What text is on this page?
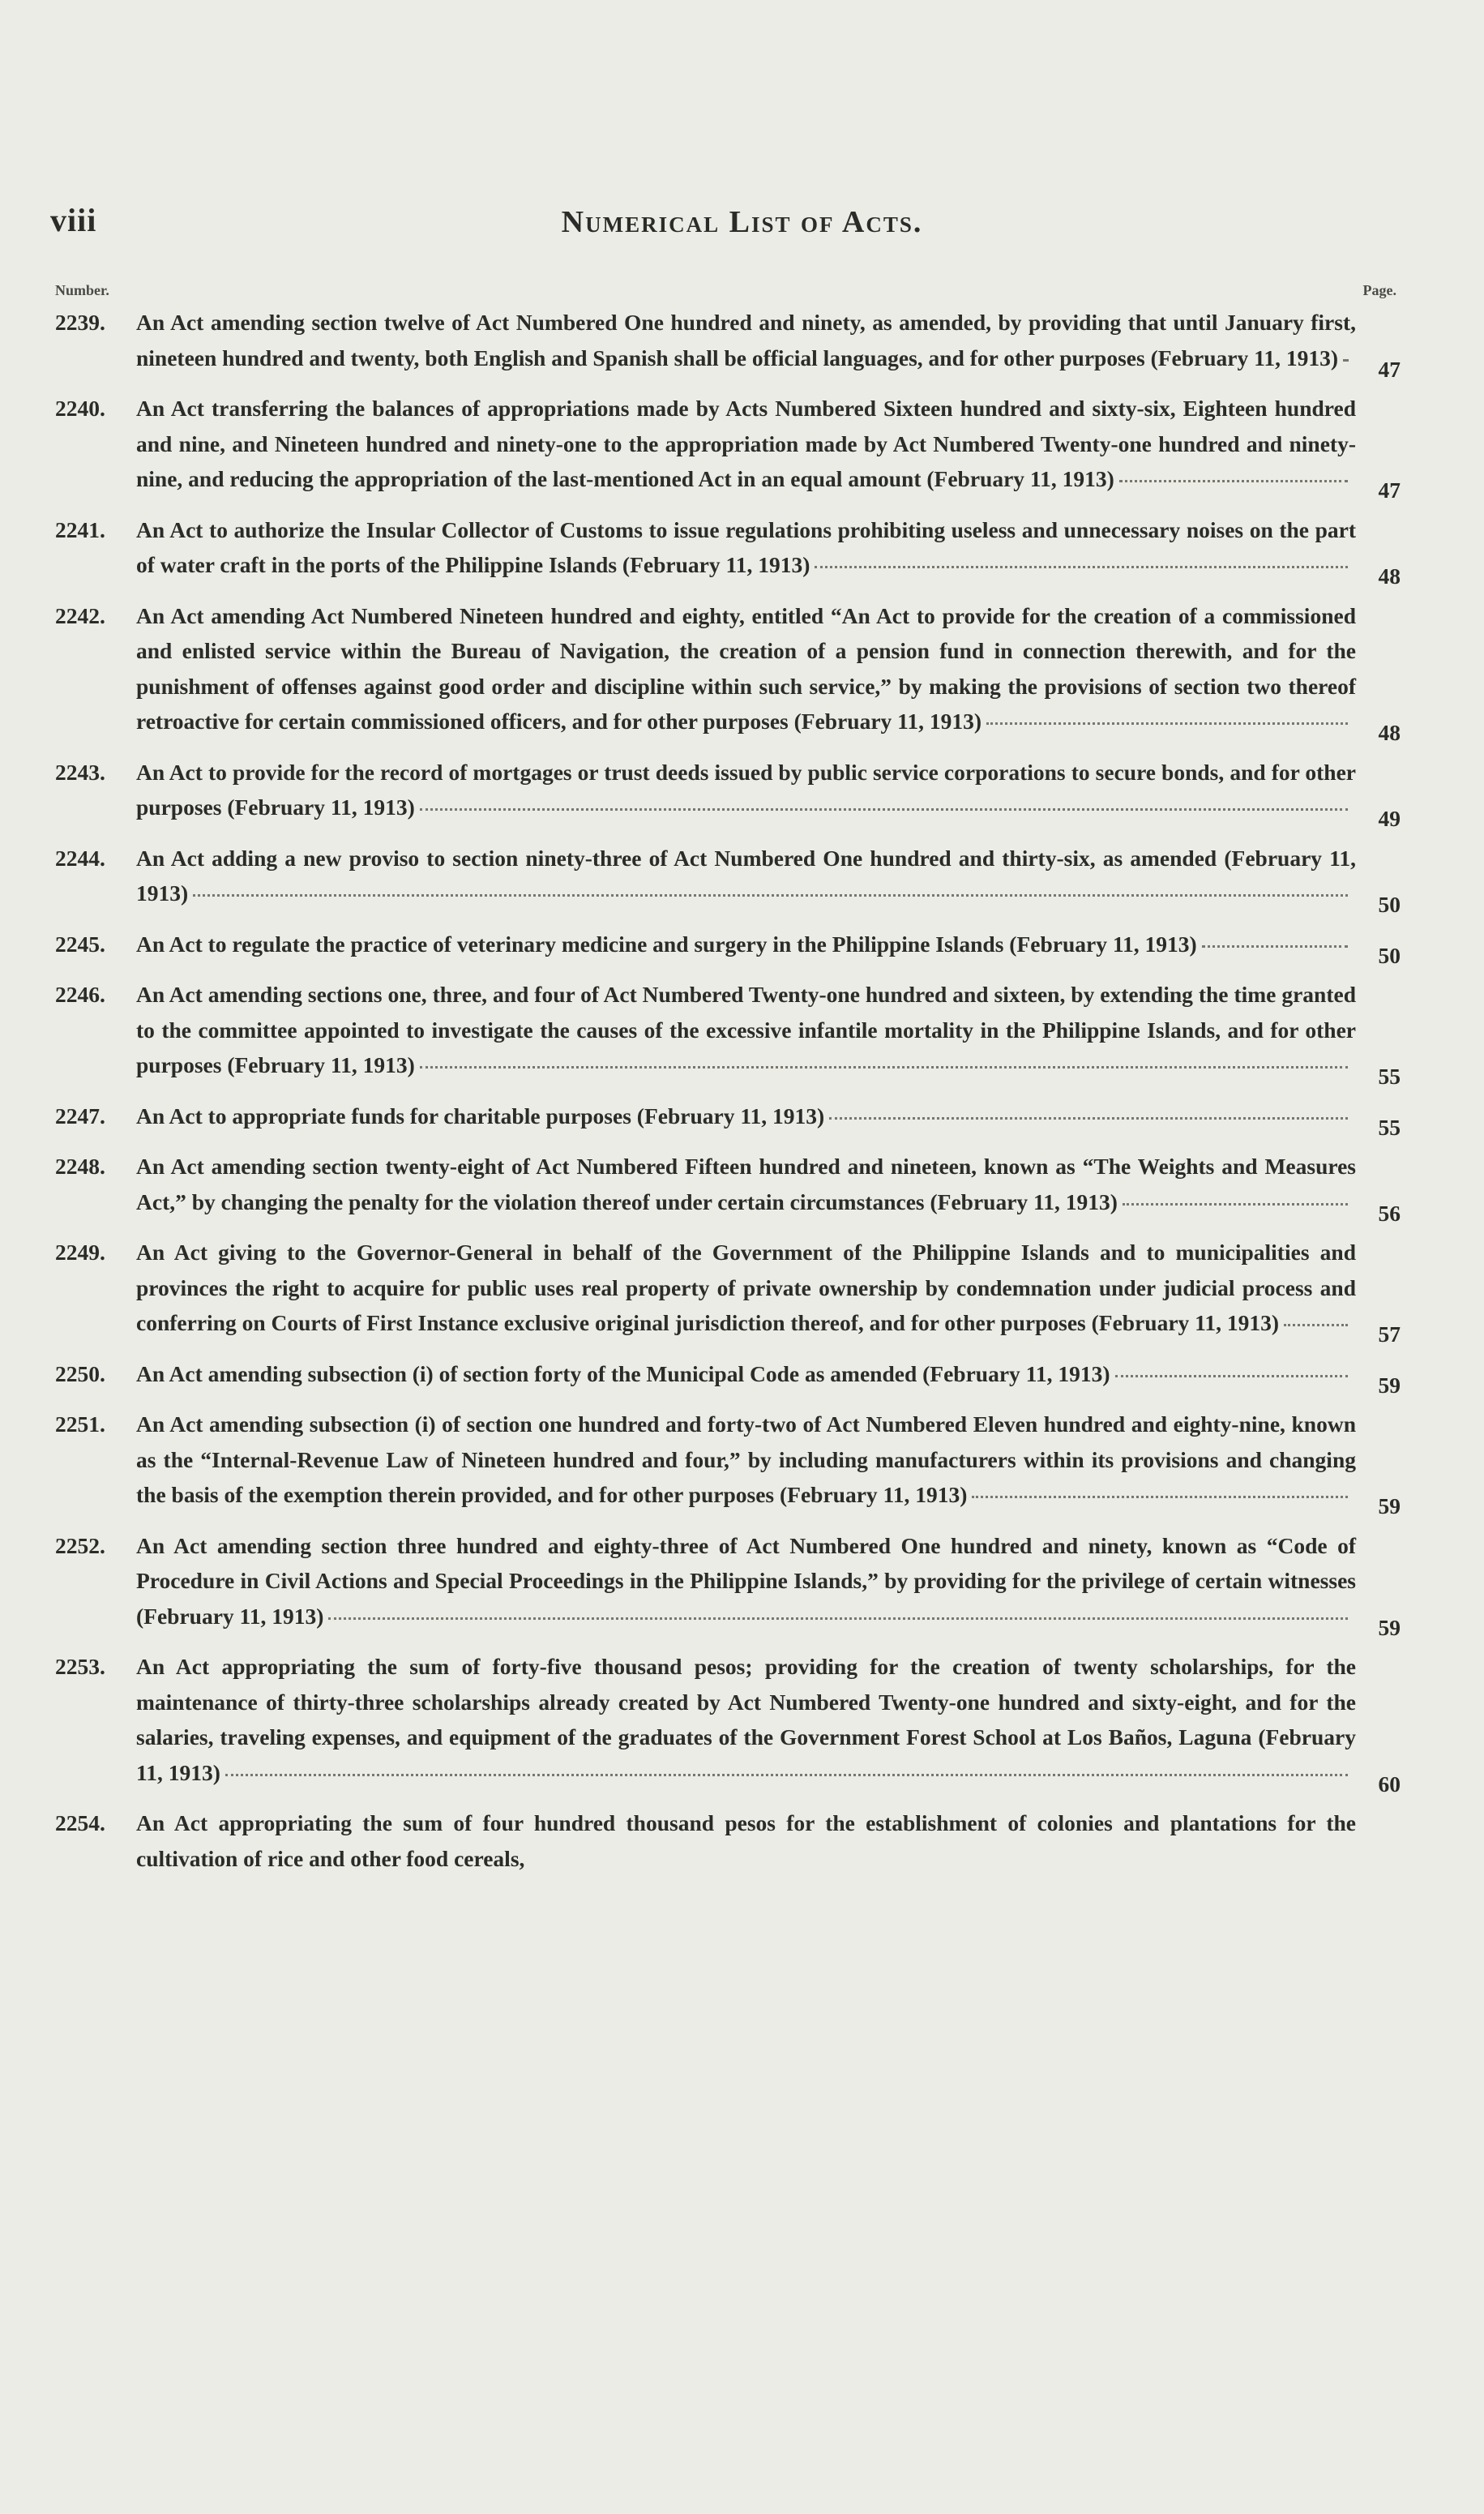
viii	Numerical List of Acts.
Number.	Page.
2239.	An Act amending section twelve of Act Numbered One hundred and ninety, as amended, by providing that until January first, nineteen hundred and twenty, both English and Spanish shall be official languages, and for other purposes (February 11, 1913)	47
2240.	An Act transferring the balances of appropriations made by Acts Numbered Sixteen hundred and sixty-six, Eighteen hundred and nine, and Nineteen hundred and ninety-one to the appropriation made by Act Numbered Twenty-one hundred and ninety-nine, and reducing the appropriation of the last-mentioned Act in an equal amount (February 11, 1913)	47
2241.	An Act to authorize the Insular Collector of Customs to issue regulations prohibiting useless and unnecessary noises on the part of water craft in the ports of the Philippine Islands (February 11, 1913)	48
2242.	An Act amending Act Numbered Nineteen hundred and eighty, entitled “An Act to provide for the creation of a commissioned and enlisted service within the Bureau of Navigation, the creation of a pension fund in connection therewith, and for the punishment of offenses against good order and discipline within such service,” by making the provisions of section two thereof retroactive for certain commissioned officers, and for other purposes (February 11, 1913)	48
2243.	An Act to provide for the record of mortgages or trust deeds issued by public service corporations to secure bonds, and for other purposes (February 11, 1913)	49
2244.	An Act adding a new proviso to section ninety-three of Act Numbered One hundred and thirty-six, as amended (February 11, 1913)	50
2245.	An Act to regulate the practice of veterinary medicine and surgery in the Philippine Islands (February 11, 1913)	50
2246.	An Act amending sections one, three, and four of Act Numbered Twenty-one hundred and sixteen, by extending the time granted to the committee appointed to investigate the causes of the excessive infantile mortality in the Philippine Islands, and for other purposes (February 11, 1913)	55
2247.	An Act to appropriate funds for charitable purposes (February 11, 1913)	55
2248.	An Act amending section twenty-eight of Act Numbered Fifteen hundred and nineteen, known as “The Weights and Measures Act,” by changing the penalty for the violation thereof under certain circumstances (February 11, 1913)	56
2249.	An Act giving to the Governor-General in behalf of the Government of the Philippine Islands and to municipalities and provinces the right to acquire for public uses real property of private ownership by condemnation under judicial process and conferring on Courts of First Instance exclusive original jurisdiction thereof, and for other purposes (February 11, 1913)	57
2250.	An Act amending subsection (i) of section forty of the Municipal Code as amended (February 11, 1913)	59
2251.	An Act amending subsection (i) of section one hundred and forty-two of Act Numbered Eleven hundred and eighty-nine, known as the “Internal-Revenue Law of Nineteen hundred and four,” by including manufacturers within its provisions and changing the basis of the exemption therein provided, and for other purposes (February 11, 1913)	59
2252.	An Act amending section three hundred and eighty-three of Act Numbered One hundred and ninety, known as “Code of Procedure in Civil Actions and Special Proceedings in the Philippine Islands,” by providing for the privilege of certain witnesses (February 11, 1913)	59
2253.	An Act appropriating the sum of forty-five thousand pesos; providing for the creation of twenty scholarships, for the maintenance of thirty-three scholarships already created by Act Numbered Twenty-one hundred and sixty-eight, and for the salaries, traveling expenses, and equipment of the graduates of the Government Forest School at Los Baños, Laguna (February 11, 1913)	60
2254.	An Act appropriating the sum of four hundred thousand pesos for the establishment of colonies and plantations for the cultivation of rice and other food cereals,
